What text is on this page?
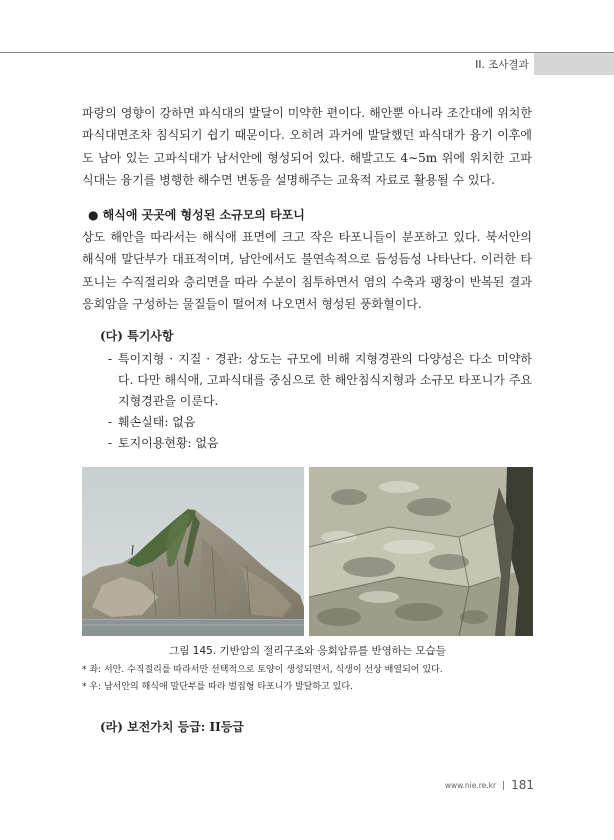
II. 조사결과

파랑의 영향이 강하면 파식대의 발달이 미약한 편이다. 해안뿐 아니라 조간대에 위치한 파식대면조차 침식되기 쉽기 때문이다. 오히려 과거에 발달했던 파식대가 융기 이후에도 남아 있는 고파식대가 남서안에 형성되어 있다. 해발고도 4∼5m 위에 위치한 고파식대는 융기를 병행한 해수면 변동을 설명해주는 교육적 자료로 활용될 수 있다.

● 해식애 곳곳에 형성된 소규모의 타포니

상도 해안을 따라서는 해식애 표면에 크고 작은 타포니들이 분포하고 있다. 북서안의 해식애 말단부가 대표적이며, 남안에서도 불연속적으로 듬성듬성 나타난다. 이러한 타포니는 수직절리와 층리면을 따라 수분이 침투하면서 염의 수축과 팽창이 반복된 결과 응회암을 구성하는 물질들이 떨어져 나오면서 형성된 풍화혈이다.

(다) 특기사항
- 특이지형 · 지질 · 경관: 상도는 규모에 비해 지형경관의 다양성은 다소 미약하다. 다만 해식애, 고파식대를 중심으로 한 해안침식지형과 소규모 타포니가 주요 지형경관을 이룬다.
- 훼손실태: 없음
- 토지이용현황: 없음
그림 145. 기반암의 절리구조와 응회암류를 반영하는 모습들
* 좌: 서안. 수직절리를 따라서만 선택적으로 토양이 생성되면서, 식생이 선상 배열되어 있다.
* 우: 남서안의 해식애 말단부를 따라 벌집형 타포니가 발달하고 있다.
(라) 보전가치 등급: II등급
www.nie.re.kr 181
